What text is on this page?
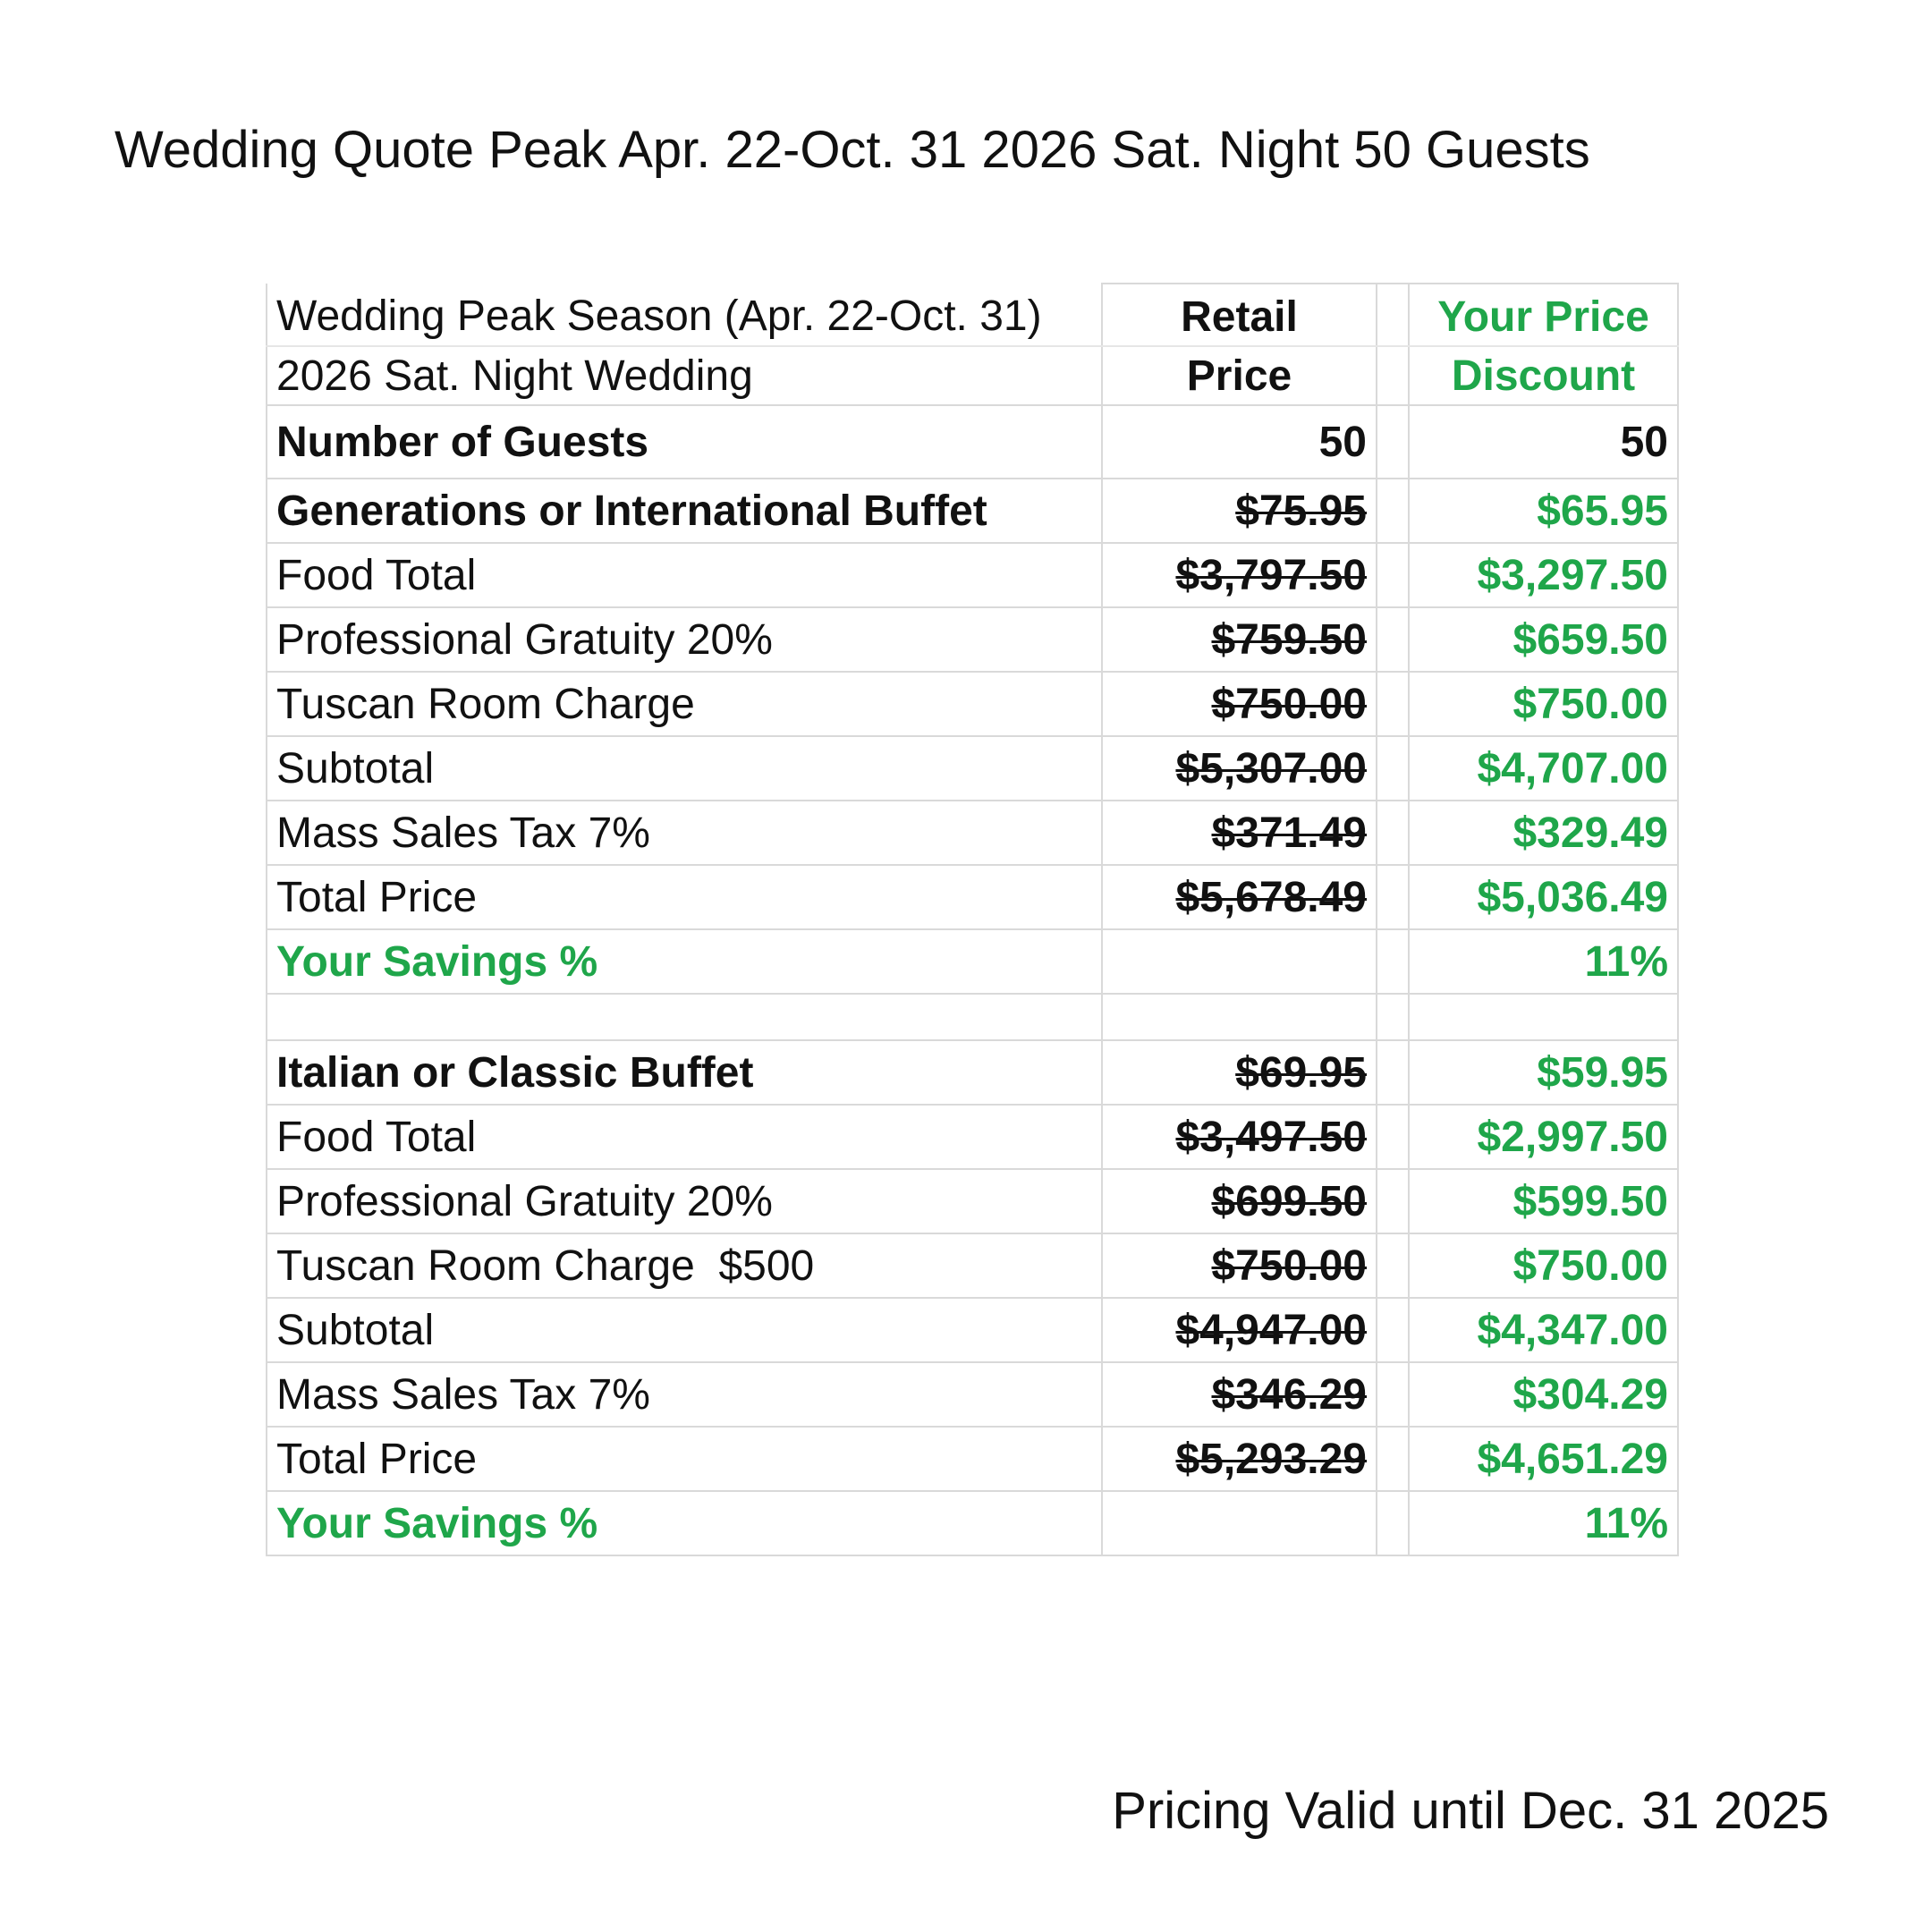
Wedding Quote Peak Apr. 22-Oct. 31 2026 Sat. Night 50 Guests
Wedding Peak Season (Apr. 22-Oct. 31)	Retail		Your Price
2026 Sat. Night Wedding	Price		Discount
Number of Guests	50		50
Generations or International Buffet	$75.95		$65.95
Food Total	$3,797.50		$3,297.50
Professional Gratuity 20%	$759.50		$659.50
Tuscan Room Charge	$750.00		$750.00
Subtotal	$5,307.00		$4,707.00
Mass Sales Tax 7%	$371.49		$329.49
Total Price	$5,678.49		$5,036.49
Your Savings %			11%

Italian or Classic Buffet	$69.95		$59.95
Food Total	$3,497.50		$2,997.50
Professional Gratuity 20%	$699.50		$599.50
Tuscan Room Charge  $500	$750.00		$750.00
Subtotal	$4,947.00		$4,347.00
Mass Sales Tax 7%	$346.29		$304.29
Total Price	$5,293.29		$4,651.29
Your Savings %			11%
Pricing Valid until Dec. 31 2025
